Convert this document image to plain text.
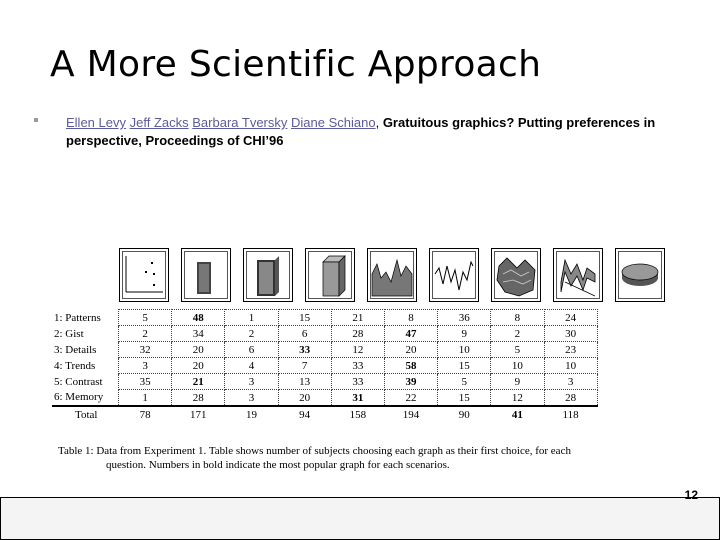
A More Scientific Approach
Ellen Levy Jeff Zacks Barbara Tversky Diane Schiano, Gratuitous graphics? Putting preferences in perspective, Proceedings of CHI’96
1: Patterns	5	48	1	15	21	8	36	8	24
2: Gist	2	34	2	6	28	47	9	2	30
3: Details	32	20	6	33	12	20	10	5	23
4: Trends	3	20	4	7	33	58	15	10	10
5: Contrast	35	21	3	13	33	39	5	9	3
6: Memory	1	28	3	20	31	22	15	12	28
Total	78	171	19	94	158	194	90	41	118
Table 1: Data from Experiment 1. Table shows number of subjects choosing each graph as their first choice, for each
question. Numbers in bold indicate the most popular graph for each scenarios.
12
